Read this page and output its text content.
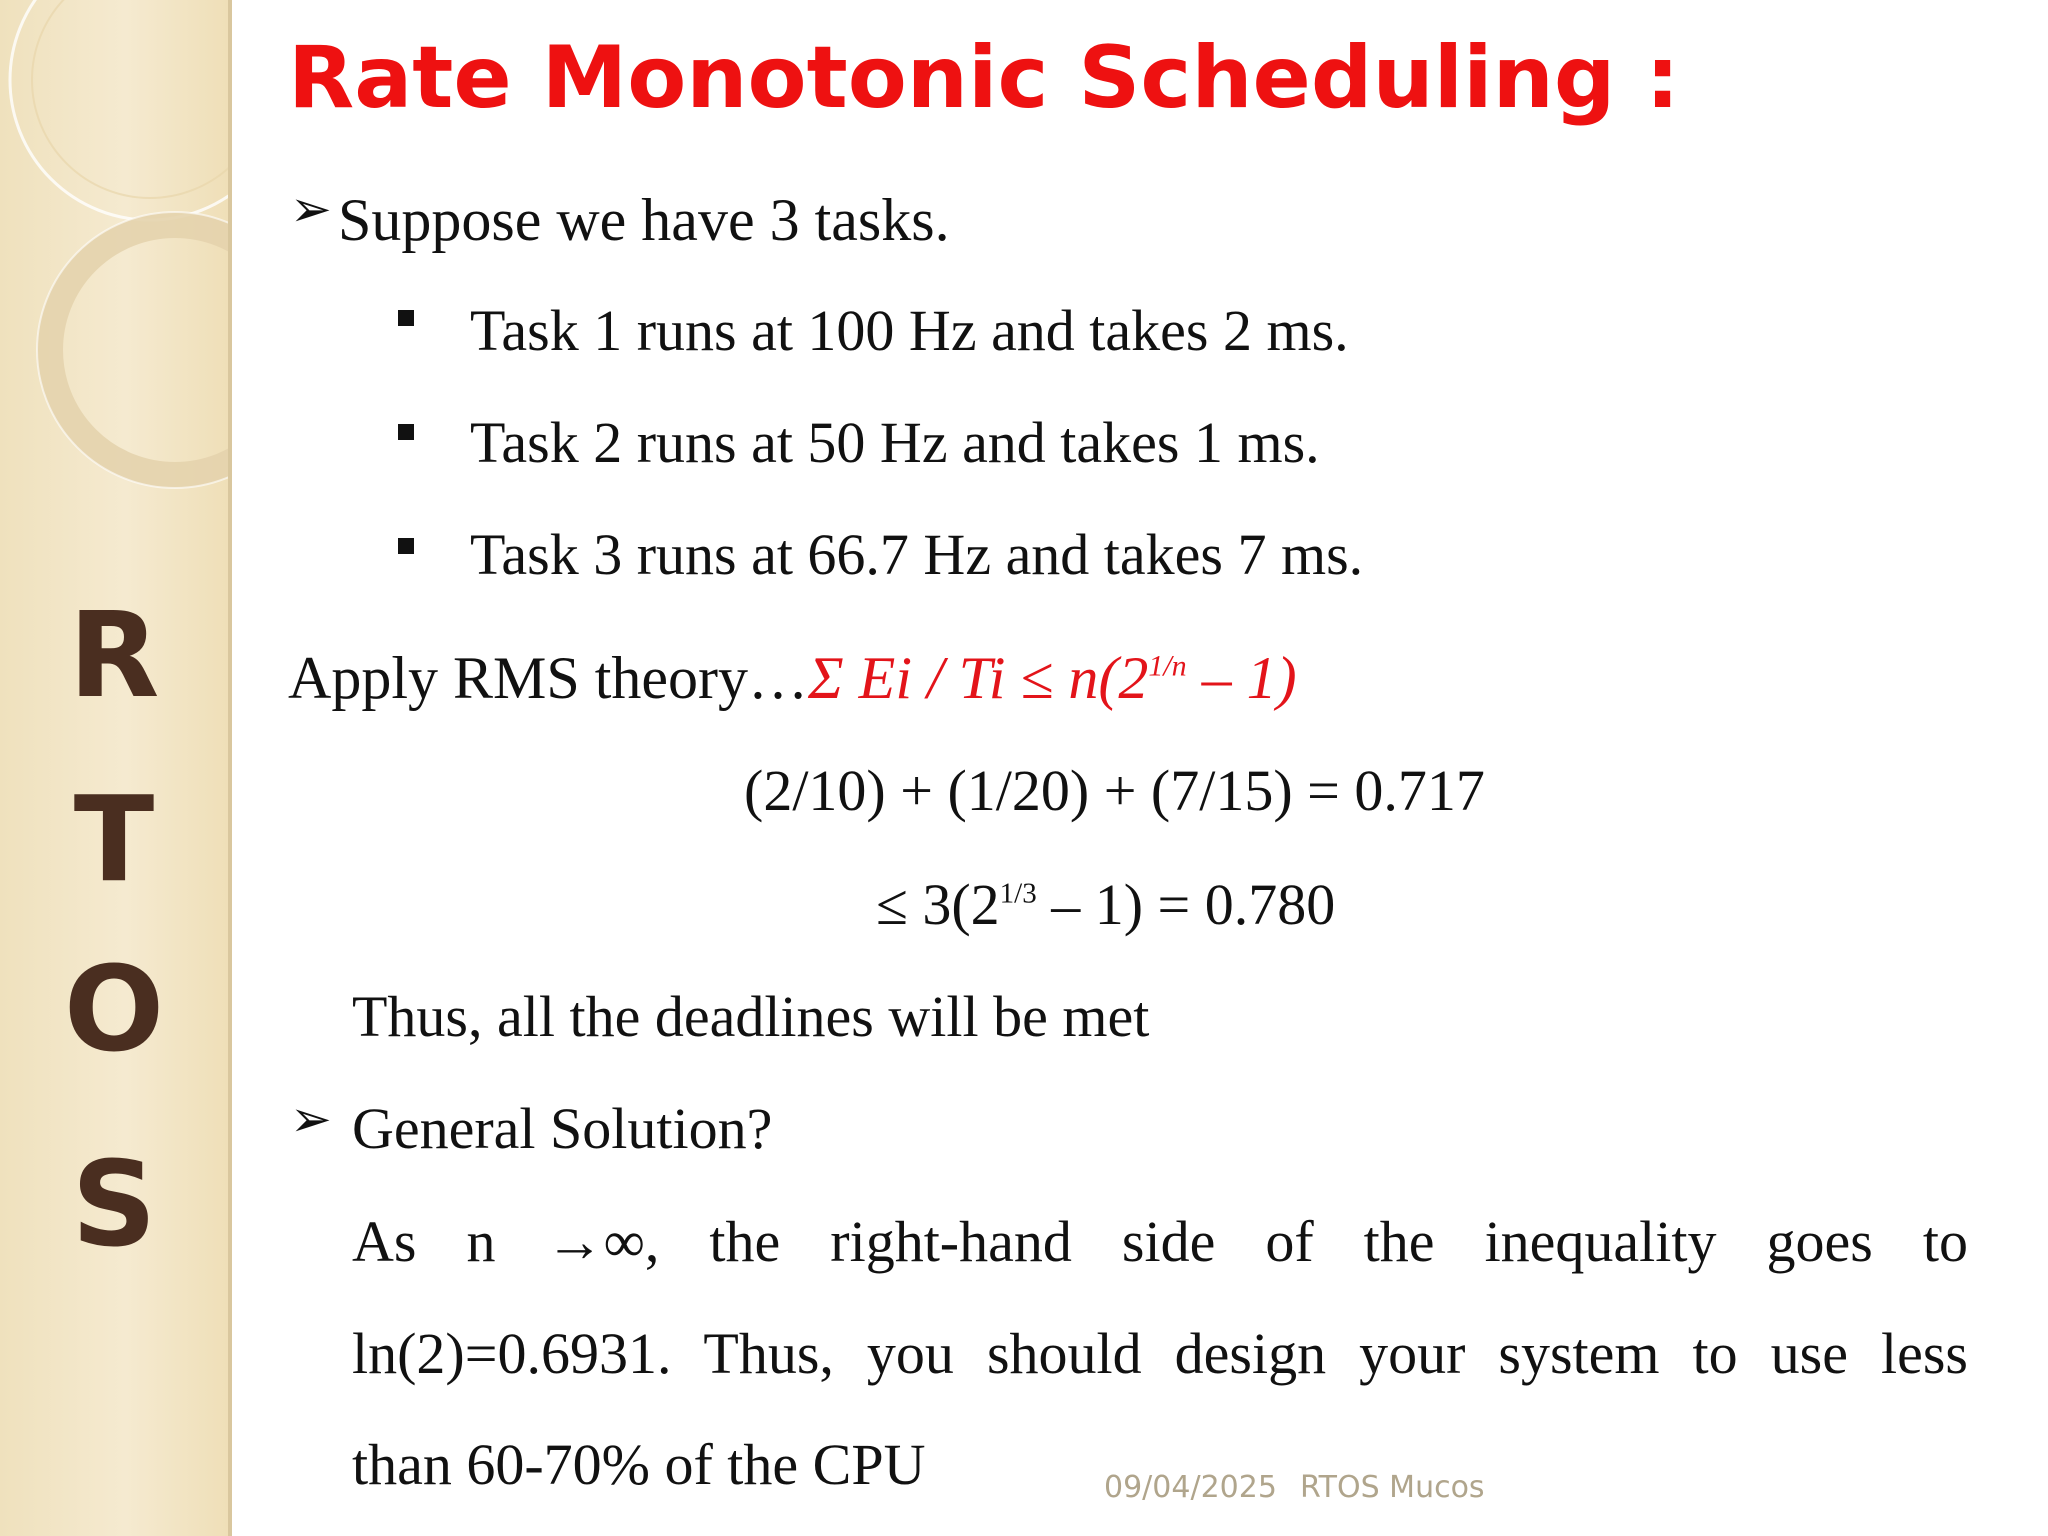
R
T
O
S
Rate Monotonic Scheduling :
➢ Suppose we have 3 tasks.
Task 1 runs at 100 Hz and takes 2 ms.
Task 2 runs at 50 Hz and takes 1 ms.
Task 3 runs at 66.7 Hz and takes 7 ms.
Apply RMS theory…Σ $Ei / Ti \le n(2^{1/n} - 1)$
(2/10) + (1/20) + (7/15) = 0.717
≤ $3(2^{1/3} - 1) = 0.780$
Thus, all the deadlines will be met
➢ General Solution?
As n →∞, the right-hand side of the inequality goes to
ln(2)=0.6931. Thus, you should design your system to use less
than 60-70% of the CPU	09/04/2025 RTOS Mucos
